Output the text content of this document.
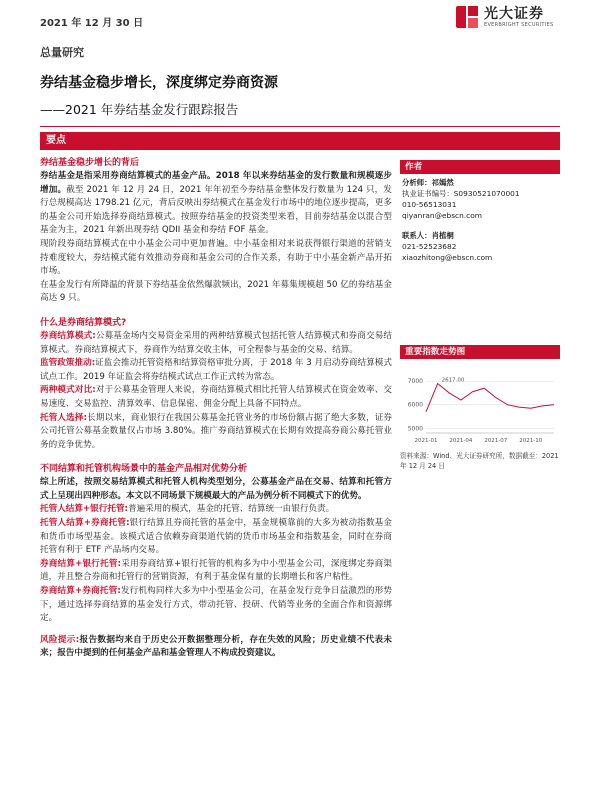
2021 年 12 月 30 日
光大证券
EVERBRIGHT SECURITIES
总量研究
券结基金稳步增长，深度绑定券商资源
——2021 年券结基金发行跟踪报告
要点
券结基金稳步增长的背后

券结基金是指采用券商结算模式的基金产品。2018 年以来券结基金的发行数量和规模逐步增加。截至 2021 年 12 月 24 日，2021 年年初至今券结基金整体发行数量为 124 只，发行总规模高达 1798.21 亿元，背后反映出券结模式在基金发行市场中的地位逐步提高，更多的基金公司开始选择券商结算模式。按照券结基金的投资类型来看，目前券结基金以混合型基金为主，2021 年新出现券结 QDII 基金和券结 FOF 基金。

现阶段券商结算模式在中小基金公司中更加普遍。中小基金相对来说获得银行渠道的营销支持难度较大，券结模式能有效推动券商和基金公司的合作关系，有助于中小基金新产品开拓市场。

在基金发行有所降温的背景下券结基金依然爆款频出，2021 年募集规模超 50 亿的券结基金高达 9 只。

什么是券商结算模式?

券商结算模式:公募基金场内交易资金采用的两种结算模式包括托管人结算模式和券商交易结算模式。券商结算模式下，券商作为结算交收主体，可全程参与基金的交易、结算。

监管政策推动:证监会推动托管资格和结算资格审批分离，于 2018 年 3 月启动券商结算模式试点工作。2019 年证监会将券结模式试点工作正式转为常态。

两种模式对比:对于公募基金管理人来说，券商结算模式相比托管人结算模式在资金效率、交易速度、交易监控、清算效率、信息保密、佣金分配上具备不同特点。

托管人选择:长期以来，商业银行在我国公募基金托管业务的市场份额占据了绝大多数，证券公司托管公募基金数量仅占市场 3.80%。推广券商结算模式在长期有效提高券商公募托管业务的竞争优势。

不同结算和托管机构场景中的基金产品相对优势分析

综上所述，按照交易结算模式和托管人机构类型划分，公募基金产品在交易、结算和托管方式上呈现出四种形态。本文以不同场景下规模最大的产品为例分析不同模式下的优势。

托管人结算+银行托管:普遍采用的模式，基金的托管、结算统一由银行负责。

托管人结算+券商托管:银行结算且券商托管的基金中，基金规模靠前的大多为被动指数基金和货币市场型基金。该模式适合依赖券商渠道代销的货币市场基金和指数基金，同时在券商托管有利于 ETF 产品场内交易。

券商结算+银行托管:采用券商结算+银行托管的机构多为中小型基金公司，深度绑定券商渠道，并且整合券商和托管行的营销资源，有利于基金保有量的长期增长和客户粘性。

券商结算+券商托管:发行机构同样大多为中小型基金公司，在基金发行竞争日益激烈的形势下，通过选择券商结算的基金发行方式，带动托管、投研、代销等业务的全面合作和资源绑定。

风险提示:报告数据均来自于历史公开数据整理分析，存在失效的风险；历史业绩不代表未来；报告中提到的任何基金产品和基金管理人不构成投资建议。

作者
分析师：祁嫣然
执业证书编号：S0930521070001
010-56513031
qiyanran@ebscn.com
联系人：肖植桐
021-52523682
xiaozhitong@ebscn.com
重要指数走势图
7000
6000
5000
2021-01 2021-04 2021-07 2021-10
2617.00
资料来源：Wind、光大证券研究所，数据截至：2021 年 12 月 24 日
